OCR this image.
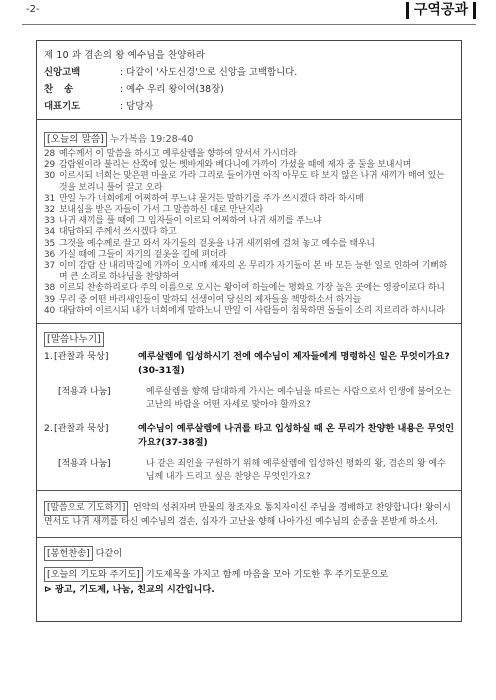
-2-	구역공과
제 10 과 겸손의 왕 예수님을 찬양하라
신앙고백	:
다같이 '사도신경'으로 신앙을 고백합니다.
찬송	:
예수 우리 왕이여(38장)
대표기도	:
담당자
[오늘의 말씀] 누가복음 19:28-40
28 예수께서 이 말씀을 하시고 예루살렘을 향하여 앞서서 가시더라
29 감람원이라 불리는 산쪽에 있는 벳바게와 베다니에 가까이 가셨을 때에 제자 중 둘을 보내시며
30 이르시되 너희는 맞은편 마을로 가라 그리로 들어가면 아직 아무도 타 보지 않은 나귀 새끼가 매여 있는 것을 보리니 풀어 끌고 오라
31 만일 누가 너희에게 어찌하여 푸느냐 묻거든 말하기를 주가 쓰시겠다 하라 하시매
32 보내심을 받은 자들이 가서 그 말씀하신 대로 만난지라
33 나귀 새끼를 풀 때에 그 임자들이 이르되 어찌하여 나귀 새끼를 푸느냐
34 대답하되 주께서 쓰시겠다 하고
35 그것을 예수께로 끌고 와서 자기들의 겉옷을 나귀 새끼위에 걸쳐 놓고 예수를 태우니
36 가실 때에 그들이 자기의 겉옷을 길에 펴더라
37 이미 감람 산 내리막길에 가까이 오시매 제자의 온 무리가 자기들이 본 바 모든 능한 일로 인하여 기뻐하며 큰 소리로 하나님을 찬양하여
38 이르되 찬송하리로다 주의 이름으로 오시는 왕이여 하늘에는 평화요 가장 높은 곳에는 영광이로다 하니
39 무리 중 어떤 바리새인들이 말하되 선생이여 당신의 제자들을 책망하소서 하거늘
40 대답하여 이르시되 내가 너희에게 말하노니 만일 이 사람들이 침묵하면 돌들이 소리 지르리라 하시니라
[말씀나누기]
1. [관찰과 묵상]	예루살렘에 입성하시기 전에 예수님이 제자들에게 명령하신 일은 무엇이가요?(30-31절)
[적용과 나눔]	예루살렘을 향해 담대하게 가시는 예수님을 따르는 사람으로서 인생에 불어오는 고난의 바람을 어떤 자세로 맞아야 할까요?
2. [관찰과 묵상]	예수님이 예루살렘에 나귀를 타고 입성하실 때 온 무리가 찬양한 내용은 무엇인가요?(37-38절)
[적용과 나눔]	나 같은 죄인을 구원하기 위해 예루살렘에 입성하신 평화의 왕, 겸손의 왕 예수님께 내가 드리고 싶은 찬양은 무엇인가요?
[말씀으로 기도하기] 언약의 성취자며 만물의 창조자요 통치자이신 주님을 경배하고 찬양합니다! 왕이시면서도 나귀 새끼를 타신 예수님의 겸손, 십자가 고난을 향해 나아가신 예수님의 순종을 본받게 하소서.
[봉헌찬송] 다같이
[오늘의 기도와 주기도] 기도제목을 가지고 함께 마음을 모아 기도한 후 주기도문으로
⊳ 광고, 기도제, 나눔, 친교의 시간입니다.
